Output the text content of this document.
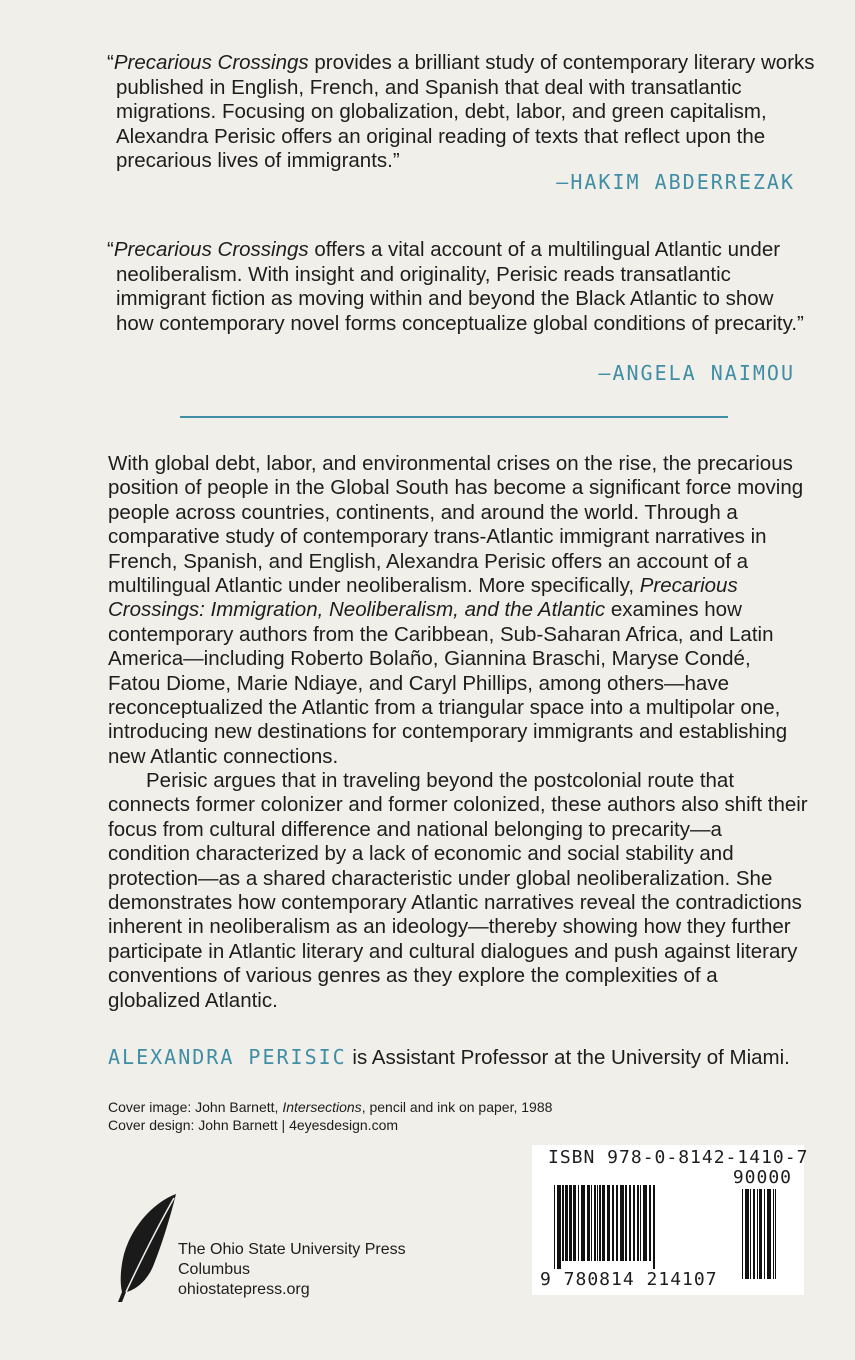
“Precarious Crossings provides a brilliant study of contemporary literary works published in English, French, and Spanish that deal with transatlantic migrations. Focusing on globalization, debt, labor, and green capitalism, Alexandra Perisic offers an original reading of texts that reflect upon the precarious lives of immigrants.”

—HAKIM ABDERREZAK

“Precarious Crossings offers a vital account of a multilingual Atlantic under neoliberalism. With insight and originality, Perisic reads transatlantic immigrant fiction as moving within and beyond the Black Atlantic to show how contemporary novel forms conceptualize global conditions of precarity.”

—ANGELA NAIMOU

With global debt, labor, and environmental crises on the rise, the precarious position of people in the Global South has become a significant force moving people across countries, continents, and around the world. Through a comparative study of contemporary trans-Atlantic immigrant narratives in French, Spanish, and English, Alexandra Perisic offers an account of a multilingual Atlantic under neoliberalism. More specifically, Precarious Crossings: Immigration, Neoliberalism, and the Atlantic examines how contemporary authors from the Caribbean, Sub-Saharan Africa, and Latin America—including Roberto Bolaño, Giannina Braschi, Maryse Condé, Fatou Diome, Marie Ndiaye, and Caryl Phillips, among others—have reconceptualized the Atlantic from a triangular space into a multipolar one, introducing new destinations for contemporary immigrants and establishing new Atlantic connections.

Perisic argues that in traveling beyond the postcolonial route that connects former colonizer and former colonized, these authors also shift their focus from cultural difference and national belonging to precarity—a condition characterized by a lack of economic and social stability and protection—as a shared characteristic under global neoliberalization. She demonstrates how contemporary Atlantic narratives reveal the contradictions inherent in neoliberalism as an ideology—thereby showing how they further participate in Atlantic literary and cultural dialogues and push against literary conventions of various genres as they explore the complexities of a globalized Atlantic.

ALEXANDRA PERISIC is Assistant Professor at the University of Miami.
Cover image: John Barnett, Intersections, pencil and ink on paper, 1988
Cover design: John Barnett | 4eyesdesign.com
The Ohio State University Press
Columbus
ohiostatepress.org
ISBN 978-0-8142-1410-7
90000
9 780814 214107
